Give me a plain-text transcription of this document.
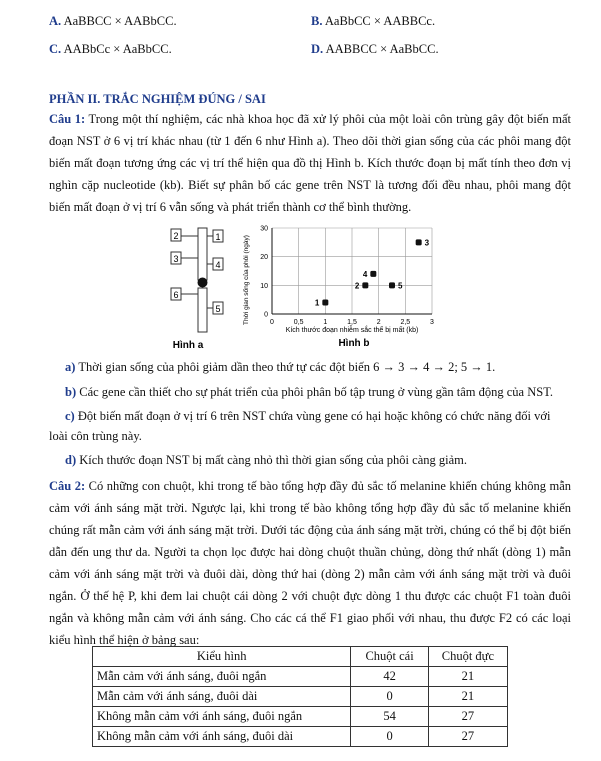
A. AaBBCC × AABbCC.	B. AaBbCC × AABBCc.
C. AABbCc × AaBbCC.	D. AABBCC × AaBbCC.
PHẦN II. TRẮC NGHIỆM ĐÚNG / SAI

Câu 1: Trong một thí nghiệm, các nhà khoa học đã xử lý phôi của một loài côn trùng gây đột biến mất đoạn NST ở 6 vị trí khác nhau (từ 1 đến 6 như Hình a). Theo dõi thời gian sống của các phôi mang đột biến mất đoạn tương ứng các vị trí thể hiện qua đồ thị Hình b. Kích thước đoạn bị mất tính theo đơn vị nghìn cặp nucleotide (kb). Biết sự phân bố các gene trên NST là tương đối đều nhau, phôi mang đột biến mất đoạn ở vị trí 6 vẫn sống và phát triển thành cơ thể bình thường.

2	1
3
4
6
5
Hình a
0	0,5	1	1,5	2	2,5	3
0
10
20
30
1
2
3
4
5
Thời gian sống của phôi (ngày)
Kích thước đoạn nhiễm sắc thể bị mất (kb)
Hình b

a) Thời gian sống của phôi giảm dần theo thứ tự các đột biến 6 → 3 → 4 → 2; 5 → 1.

b) Các gene cần thiết cho sự phát triển của phôi phân bố tập trung ở vùng gần tâm động của NST.

c) Đột biến mất đoạn ở vị trí 6 trên NST chứa vùng gene có hại hoặc không có chức năng đối với loài côn trùng này.

d) Kích thước đoạn NST bị mất càng nhỏ thì thời gian sống của phôi càng giảm.

Câu 2: Có những con chuột, khi trong tế bào tổng hợp đầy đủ sắc tố melanine khiến chúng không mẫn cảm với ánh sáng mặt trời. Ngược lại, khi trong tế bào không tổng hợp đầy đủ sắc tố melanine khiến chúng rất mẫn cảm với ánh sáng mặt trời. Dưới tác động của ánh sáng mặt trời, chúng có thể bị đột biến dẫn đến ung thư da. Người ta chọn lọc được hai dòng chuột thuần chủng, dòng thứ nhất (dòng 1) mẫn cảm với ánh sáng mặt trời và đuôi dài, dòng thứ hai (dòng 2) mẫn cảm với ánh sáng mặt trời và đuôi ngắn. Ở thế hệ P, khi đem lai chuột cái dòng 2 với chuột đực dòng 1 thu được các chuột F1 toàn đuôi ngắn và không mẫn cảm với ánh sáng. Cho các cá thể F1 giao phối với nhau, thu được F2 có các loại kiểu hình thể hiện ở bảng sau:

Kiểu hình	Chuột cái	Chuột đực
Mẫn cảm với ánh sáng, đuôi ngắn	42	21
Mẫn cảm với ánh sáng, đuôi dài	0	21
Không mẫn cảm với ánh sáng, đuôi ngắn	54	27
Không mẫn cảm với ánh sáng, đuôi dài	0	27
